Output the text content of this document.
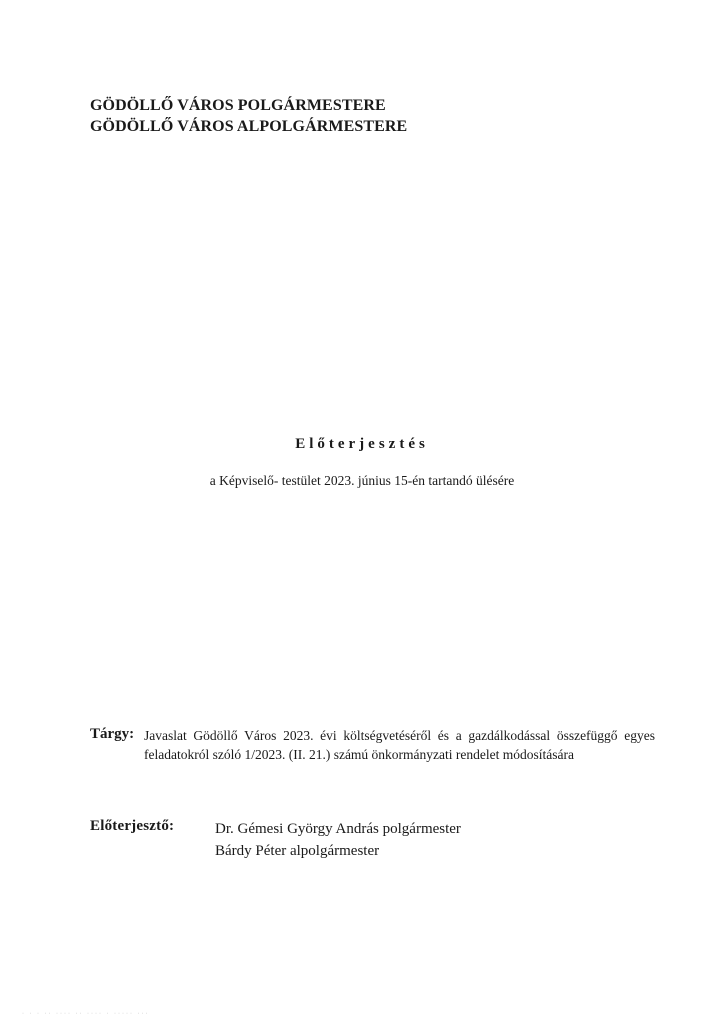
GÖDÖLLŐ VÁROS POLGÁRMESTERE
GÖDÖLLŐ VÁROS ALPOLGÁRMESTERE
Előterjesztés
a Képviselő- testület 2023. június 15-én tartandó ülésére
Tárgy: Javaslat Gödöllő Város 2023. évi költségvetéséről és a gazdálkodással összefüggő egyes feladatokról szóló 1/2023. (II. 21.) számú önkormányzati rendelet módosítására
Előterjesztő:	Dr. Gémesi György András polgármester
Bárdy Péter alpolgármester
· · · ·· ···· ·· ···· · ····· ···
